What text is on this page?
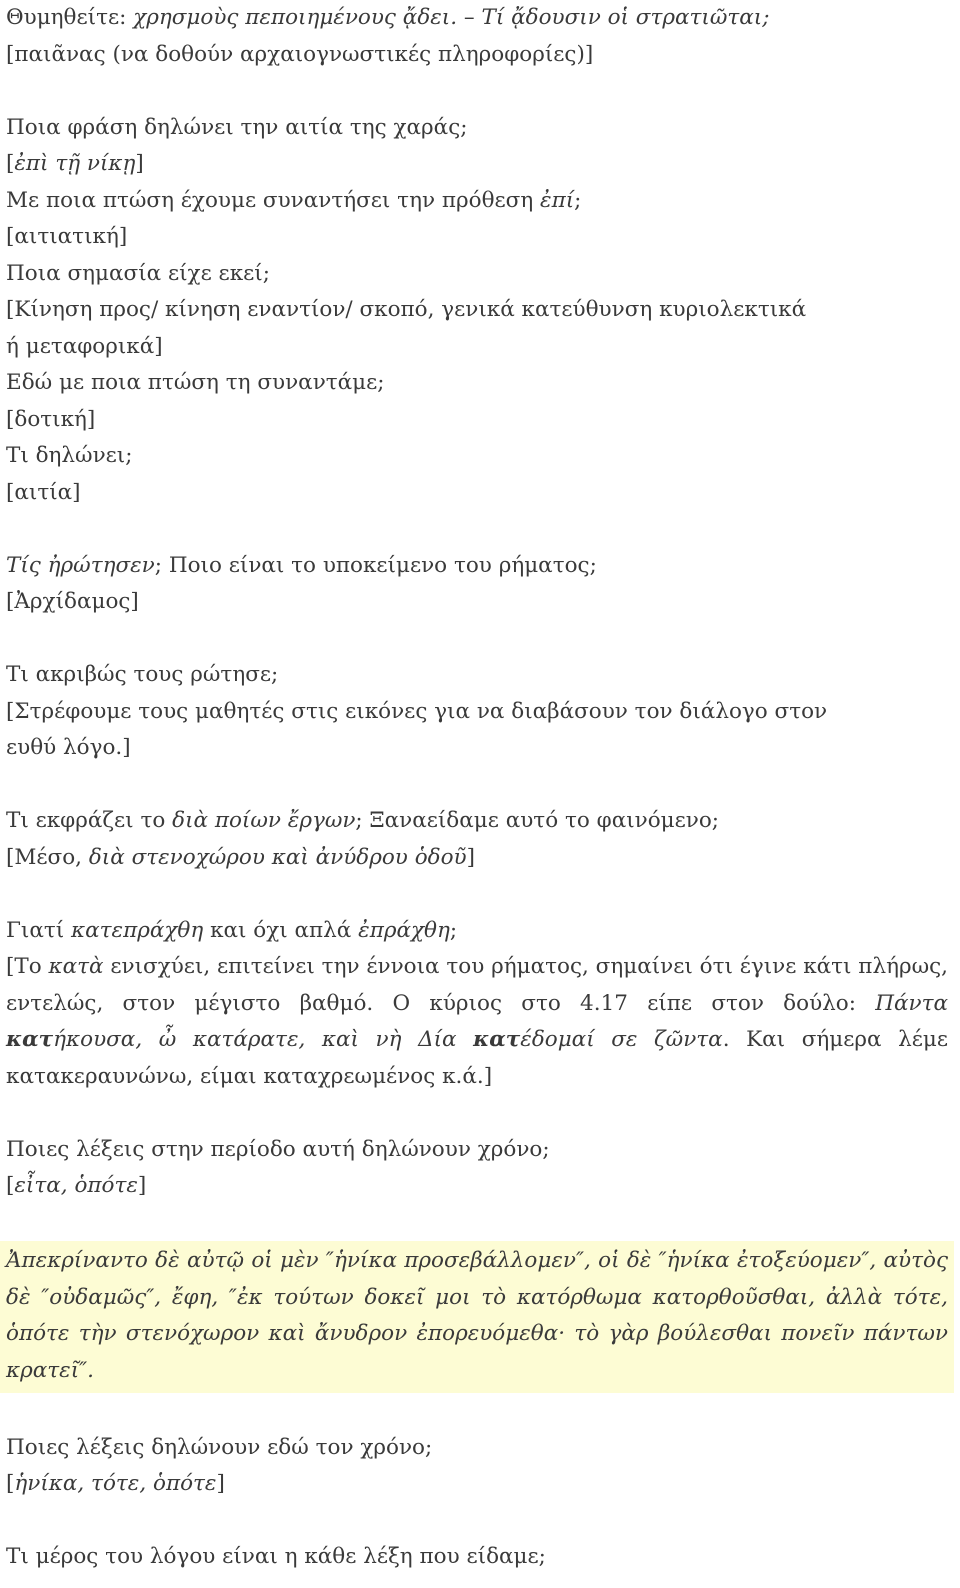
Θυμηθείτε: χρησμοὺς πεποιημένους ᾄδει. – Τί ᾄδουσιν οἱ στρατιῶται;
[παιᾶνας (να δοθούν αρχαιογνωστικές πληροφορίες)]
Ποια φράση δηλώνει την αιτία της χαράς;
[ἐπὶ τῇ νίκῃ]
Με ποια πτώση έχουμε συναντήσει την πρόθεση ἐπί;
[αιτιατική]
Ποια σημασία είχε εκεί;
[Κίνηση προς/ κίνηση εναντίον/ σκοπό, γενικά κατεύθυνση κυριολεκτικά
ή μεταφορικά]
Εδώ με ποια πτώση τη συναντάμε;
[δοτική]
Τι δηλώνει;
[αιτία]
Τίς ἠρώτησεν; Ποιο είναι το υποκείμενο του ρήματος;
[Ἀρχίδαμος]
Τι ακριβώς τους ρώτησε;
[Στρέφουμε τους μαθητές στις εικόνες για να διαβάσουν τον διάλογο στον
ευθύ λόγο.]
Τι εκφράζει το διὰ ποίων ἔργων; Ξαναείδαμε αυτό το φαινόμενο;
[Μέσο, διὰ στενοχώρου καὶ ἀνύδρου ὁδοῦ]
Γιατί κατεπράχθη και όχι απλά ἐπράχθη;
[Το κατὰ ενισχύει, επιτείνει την έννοια του ρήματος, σημαίνει ότι έγινε κάτι πλήρως, εντελώς, στον μέγιστο βαθμό. Ο κύριος στο 4.17 είπε στον δούλο: Πάντα κατήκουσα, ὦ κατάρατε, καὶ νὴ Δία κατέδομαί σε ζῶντα. Και σήμερα λέμε κατακεραυνώνω, είμαι καταχρεωμένος κ.ά.]
Ποιες λέξεις στην περίοδο αυτή δηλώνουν χρόνο;
[εἶτα, ὁπότε]
Ἀπεκρίναντο δὲ αὐτῷ οἱ μὲν ″ἡνίκα προσεβάλλομεν″, οἱ δὲ ″ἡνίκα ἐτοξεύομεν″, αὐτὸς δὲ ″οὐδαμῶς″, ἔφη, ″ἐκ τούτων δοκεῖ μοι τὸ κατόρθωμα κατορθοῦσθαι, ἀλλὰ τότε, ὁπότε τὴν στενόχωρον καὶ ἄνυδρον ἐπορευόμεθα· τὸ γὰρ βούλεσθαι πονεῖν πάντων κρατεῖ″.
Ποιες λέξεις δηλώνουν εδώ τον χρόνο;
[ἡνίκα, τότε, ὁπότε]
Τι μέρος του λόγου είναι η κάθε λέξη που είδαμε;
